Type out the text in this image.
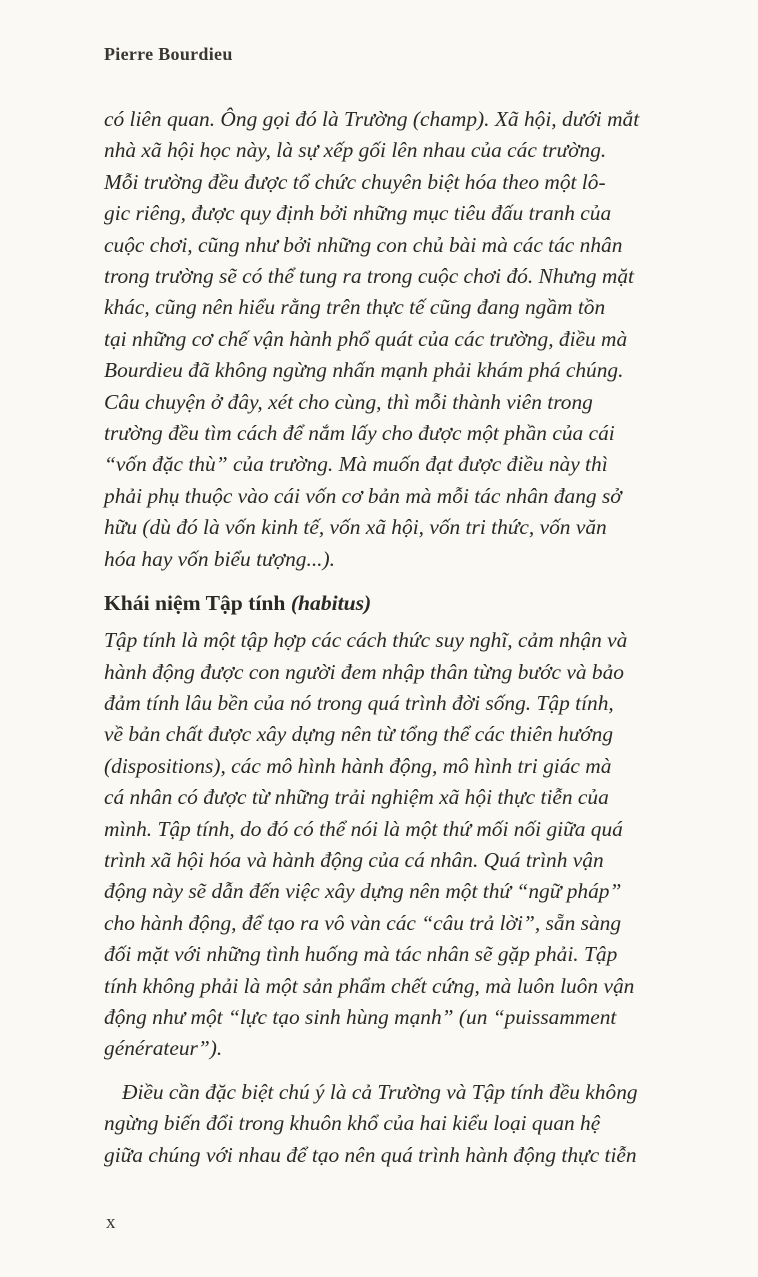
Pierre Bourdieu

có liên quan. Ông gọi đó là Trường (champ). Xã hội, dưới mắt
nhà xã hội học này, là sự xếp gối lên nhau của các trường.
Mỗi trường đều được tổ chức chuyên biệt hóa theo một lô-
gic riêng, được quy định bởi những mục tiêu đấu tranh của
cuộc chơi, cũng như bởi những con chủ bài mà các tác nhân
trong trường sẽ có thể tung ra trong cuộc chơi đó. Nhưng mặt
khác, cũng nên hiểu rằng trên thực tế cũng đang ngầm tồn
tại những cơ chế vận hành phổ quát của các trường, điều mà
Bourdieu đã không ngừng nhấn mạnh phải khám phá chúng.
Câu chuyện ở đây, xét cho cùng, thì mỗi thành viên trong
trường đều tìm cách để nắm lấy cho được một phần của cái
“vốn đặc thù” của trường. Mà muốn đạt được điều này thì
phải phụ thuộc vào cái vốn cơ bản mà mỗi tác nhân đang sở
hữu (dù đó là vốn kinh tế, vốn xã hội, vốn tri thức, vốn văn
hóa hay vốn biểu tượng...).

Khái niệm Tập tính (habitus)

Tập tính là một tập hợp các cách thức suy nghĩ, cảm nhận và
hành động được con người đem nhập thân từng bước và bảo
đảm tính lâu bền của nó trong quá trình đời sống. Tập tính,
về bản chất được xây dựng nên từ tổng thể các thiên hướng
(dispositions), các mô hình hành động, mô hình tri giác mà
cá nhân có được từ những trải nghiệm xã hội thực tiễn của
mình. Tập tính, do đó có thể nói là một thứ mối nối giữa quá
trình xã hội hóa và hành động của cá nhân. Quá trình vận
động này sẽ dẫn đến việc xây dựng nên một thứ “ngữ pháp”
cho hành động, để tạo ra vô vàn các “câu trả lời”, sẵn sàng
đối mặt với những tình huống mà tác nhân sẽ gặp phải. Tập
tính không phải là một sản phẩm chết cứng, mà luôn luôn vận
động như một “lực tạo sinh hùng mạnh” (un “puissamment
générateur”).

Điều cần đặc biệt chú ý là cả Trường và Tập tính đều không
ngừng biến đổi trong khuôn khổ của hai kiểu loại quan hệ
giữa chúng với nhau để tạo nên quá trình hành động thực tiễn

x
